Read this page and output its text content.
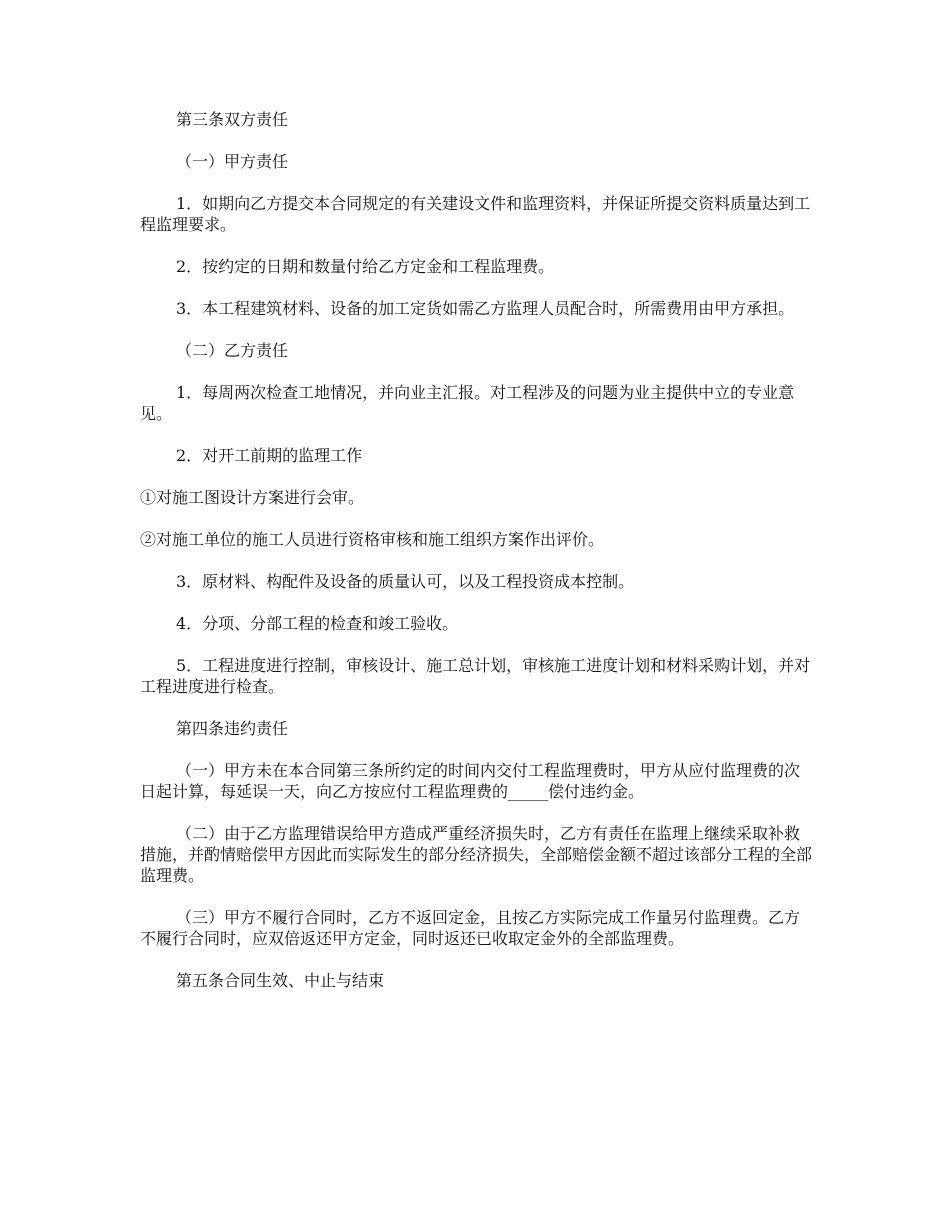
第三条双方责任

（一）甲方责任

1．如期向乙方提交本合同规定的有关建设文件和监理资料，并保证所提交资料质量达到工程监理要求。

2．按约定的日期和数量付给乙方定金和工程监理费。

3．本工程建筑材料、设备的加工定货如需乙方监理人员配合时，所需费用由甲方承担。

（二）乙方责任

1．每周两次检查工地情况，并向业主汇报。对工程涉及的问题为业主提供中立的专业意见。

2．对开工前期的监理工作

①对施工图设计方案进行会审。

②对施工单位的施工人员进行资格审核和施工组织方案作出评价。

3．原材料、构配件及设备的质量认可，以及工程投资成本控制。

4．分项、分部工程的检查和竣工验收。

5．工程进度进行控制，审核设计、施工总计划，审核施工进度计划和材料采购计划，并对工程进度进行检查。

第四条违约责任

（一）甲方未在本合同第三条所约定的时间内交付工程监理费时，甲方从应付监理费的次日起计算，每延误一天，向乙方按应付工程监理费的_____偿付违约金。

（二）由于乙方监理错误给甲方造成严重经济损失时，乙方有责任在监理上继续采取补救措施，并酌情赔偿甲方因此而实际发生的部分经济损失，全部赔偿金额不超过该部分工程的全部监理费。

（三）甲方不履行合同时，乙方不返回定金，且按乙方实际完成工作量另付监理费。乙方不履行合同时，应双倍返还甲方定金，同时返还已收取定金外的全部监理费。

第五条合同生效、中止与结束
